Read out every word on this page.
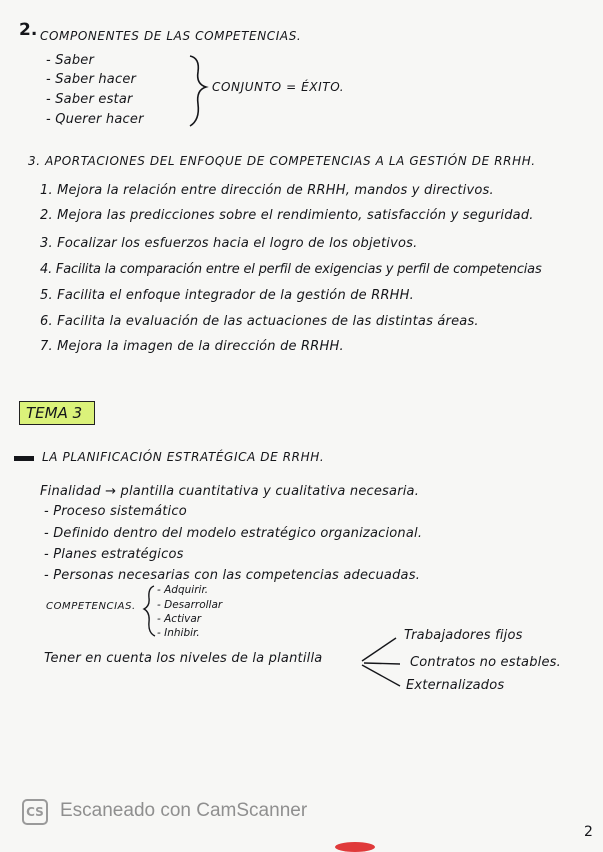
2. COMPONENTES DE LAS COMPETENCIAS.
- Saber
- Saber hacer
- Saber estar
- Querer hacer
CONJUNTO = ÉXITO.
3. APORTACIONES DEL ENFOQUE DE COMPETENCIAS A LA GESTIÓN DE RRHH.
1. Mejora la relación entre dirección de RRHH, mandos y directivos.
2. Mejora las predicciones sobre el rendimiento, satisfacción y seguridad.
3. Focalizar los esfuerzos hacia el logro de los objetivos.
4. Facilita la comparación entre el perfil de exigencias y perfil de competencias
5. Facilita el enfoque integrador de la gestión de RRHH.
6. Facilita la evaluación de las actuaciones de las distintas áreas.
7. Mejora la imagen de la dirección de RRHH.
TEMA 3
LA PLANIFICACIÓN ESTRATÉGICA DE RRHH.
Finalidad → plantilla cuantitativa y cualitativa necesaria.
- Proceso sistemático
- Definido dentro del modelo estratégico organizacional.
- Planes estratégicos
- Personas necesarias con las competencias adecuadas.
COMPETENCIAS.
- Adquirir.
- Desarrollar
- Activar
- Inhibir.
Tener en cuenta los niveles de la plantilla
Trabajadores fijos
Contratos no estables.
Externalizados
CS Escaneado con CamScanner
2
